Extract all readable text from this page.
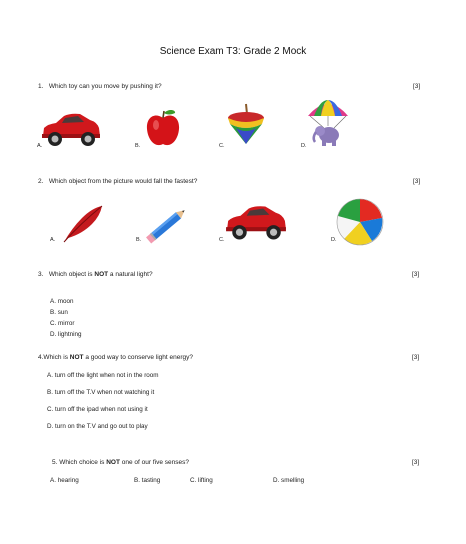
Science Exam T3: Grade 2 Mock
1. Which toy can you move by pushing it?	[3]
A.	B.	C.	D.
2. Which object from the picture would fall the fastest?	[3]
A.	B.	C.	D.
3. Which object is NOT a natural light?	[3]
A. moon
B. sun
C. mirror
D. lightning
4.Which is NOT a good way to conserve light energy?	[3]
A. turn off the light when not in the room
B. turn off the T.V when not watching it
C. turn off the ipad when not using it
D. turn on the T.V and go out to play
5. Which choice is NOT one of our five senses?	[3]
A. hearing	B. tasting	C. lifting	D. smelling
